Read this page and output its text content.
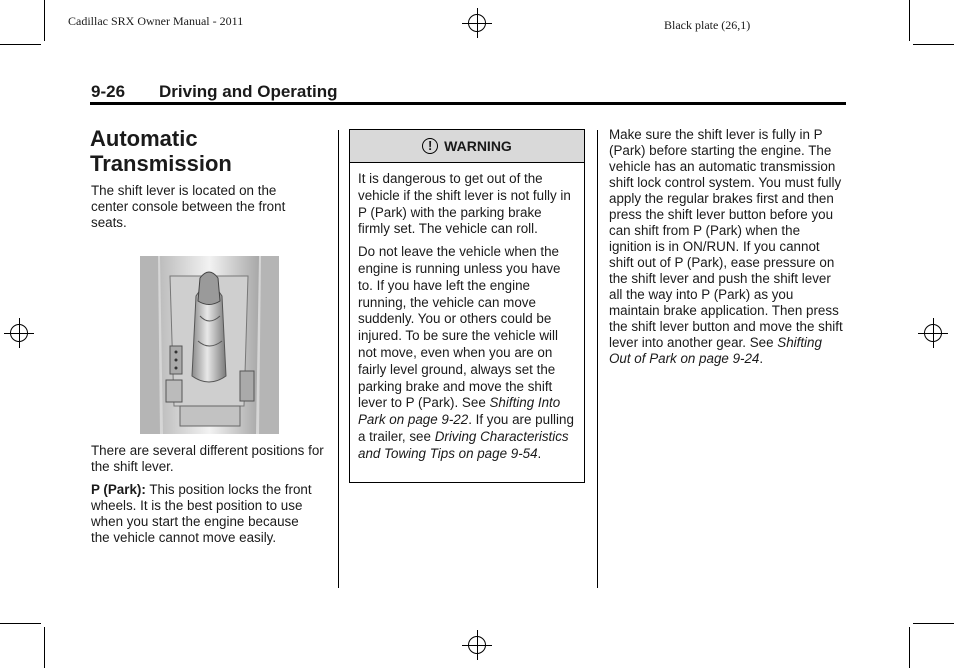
Cadillac SRX Owner Manual - 2011	Black plate (26,1)
9-26 Driving and Operating
Automatic
Transmission
The shift lever is located on the center console between the front seats.
There are several different positions for the shift lever.
P (Park): This position locks the front wheels. It is the best position to use when you start the engine because the vehicle cannot move easily.
! WARNING

It is dangerous to get out of the vehicle if the shift lever is not fully in P (Park) with the parking brake firmly set. The vehicle can roll.

Do not leave the vehicle when the engine is running unless you have to. If you have left the engine running, the vehicle can move suddenly. You or others could be injured. To be sure the vehicle will not move, even when you are on fairly level ground, always set the parking brake and move the shift lever to P (Park). See Shifting Into Park on page 9-22. If you are pulling a trailer, see Driving Characteristics and Towing Tips on page 9-54.

Make sure the shift lever is fully in P (Park) before starting the engine. The vehicle has an automatic transmission shift lock control system. You must fully apply the regular brakes first and then press the shift lever button before you can shift from P (Park) when the ignition is in ON/RUN. If you cannot shift out of P (Park), ease pressure on the shift lever and push the shift lever all the way into P (Park) as you maintain brake application. Then press the shift lever button and move the shift lever into another gear. See Shifting Out of Park on page 9-24.
